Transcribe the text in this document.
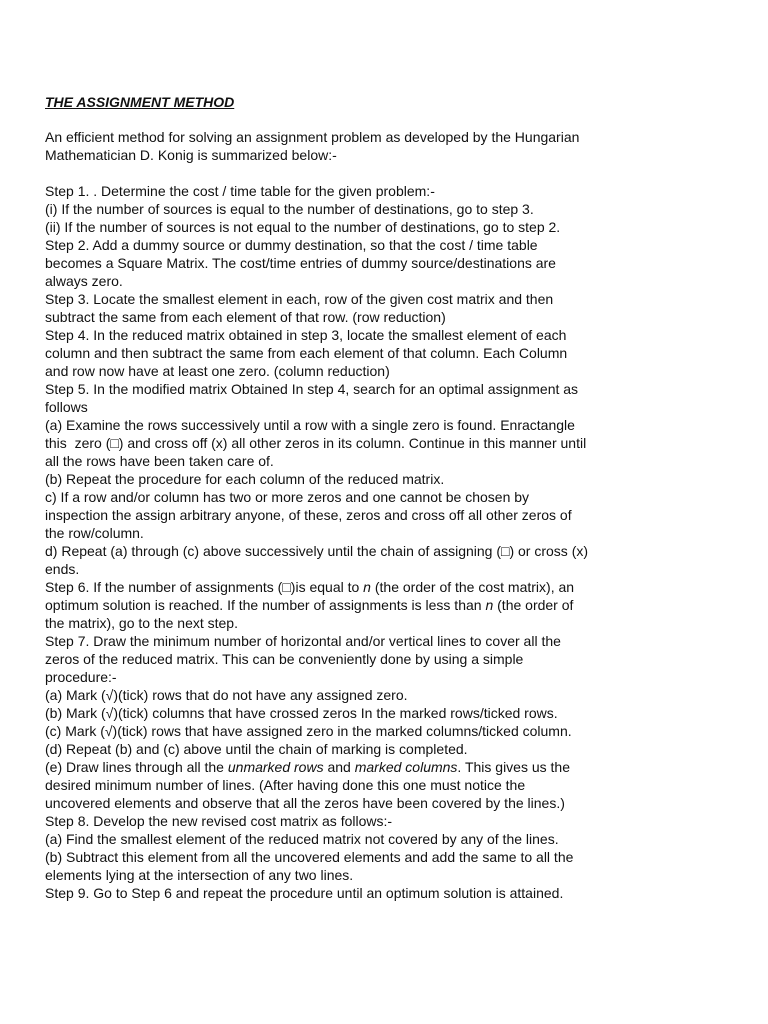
THE ASSIGNMENT METHOD
An efficient method for solving an assignment problem as developed by the Hungarian
Mathematician D. Konig is summarized below:-
Step 1. . Determine the cost / time table for the given problem:-
(i) If the number of sources is equal to the number of destinations, go to step 3.
(ii) If the number of sources is not equal to the number of destinations, go to step 2.
Step 2. Add a dummy source or dummy destination, so that the cost / time table
becomes a Square Matrix. The cost/time entries of dummy source/destinations are
always zero.
Step 3. Locate the smallest element in each, row of the given cost matrix and then
subtract the same from each element of that row. (row reduction)
Step 4. In the reduced matrix obtained in step 3, locate the smallest element of each
column and then subtract the same from each element of that column. Each Column
and row now have at least one zero. (column reduction)
Step 5. In the modified matrix Obtained In step 4, search for an optimal assignment as
follows
(a) Examine the rows successively until a row with a single zero is found. Enractangle
this  zero (□) and cross off (x) all other zeros in its column. Continue in this manner until
all the rows have been taken care of.
(b) Repeat the procedure for each column of the reduced matrix.
c) If a row and/or column has two or more zeros and one cannot be chosen by
inspection the assign arbitrary anyone, of these, zeros and cross off all other zeros of
the row/column.
d) Repeat (a) through (c) above successively until the chain of assigning (□) or cross (x)
ends.
Step 6. If the number of assignments (□)is equal to n (the order of the cost matrix), an
optimum solution is reached. If the number of assignments is less than n (the order of
the matrix), go to the next step.
Step 7. Draw the minimum number of horizontal and/or vertical lines to cover all the
zeros of the reduced matrix. This can be conveniently done by using a simple
procedure:-
(a) Mark (√)(tick) rows that do not have any assigned zero.
(b) Mark (√)(tick) columns that have crossed zeros In the marked rows/ticked rows.
(c) Mark (√)(tick) rows that have assigned zero in the marked columns/ticked column.
(d) Repeat (b) and (c) above until the chain of marking is completed.
(e) Draw lines through all the unmarked rows and marked columns. This gives us the
desired minimum number of lines. (After having done this one must notice the
uncovered elements and observe that all the zeros have been covered by the lines.)
Step 8. Develop the new revised cost matrix as follows:-
(a) Find the smallest element of the reduced matrix not covered by any of the lines.
(b) Subtract this element from all the uncovered elements and add the same to all the
elements lying at the intersection of any two lines.
Step 9. Go to Step 6 and repeat the procedure until an optimum solution is attained.
